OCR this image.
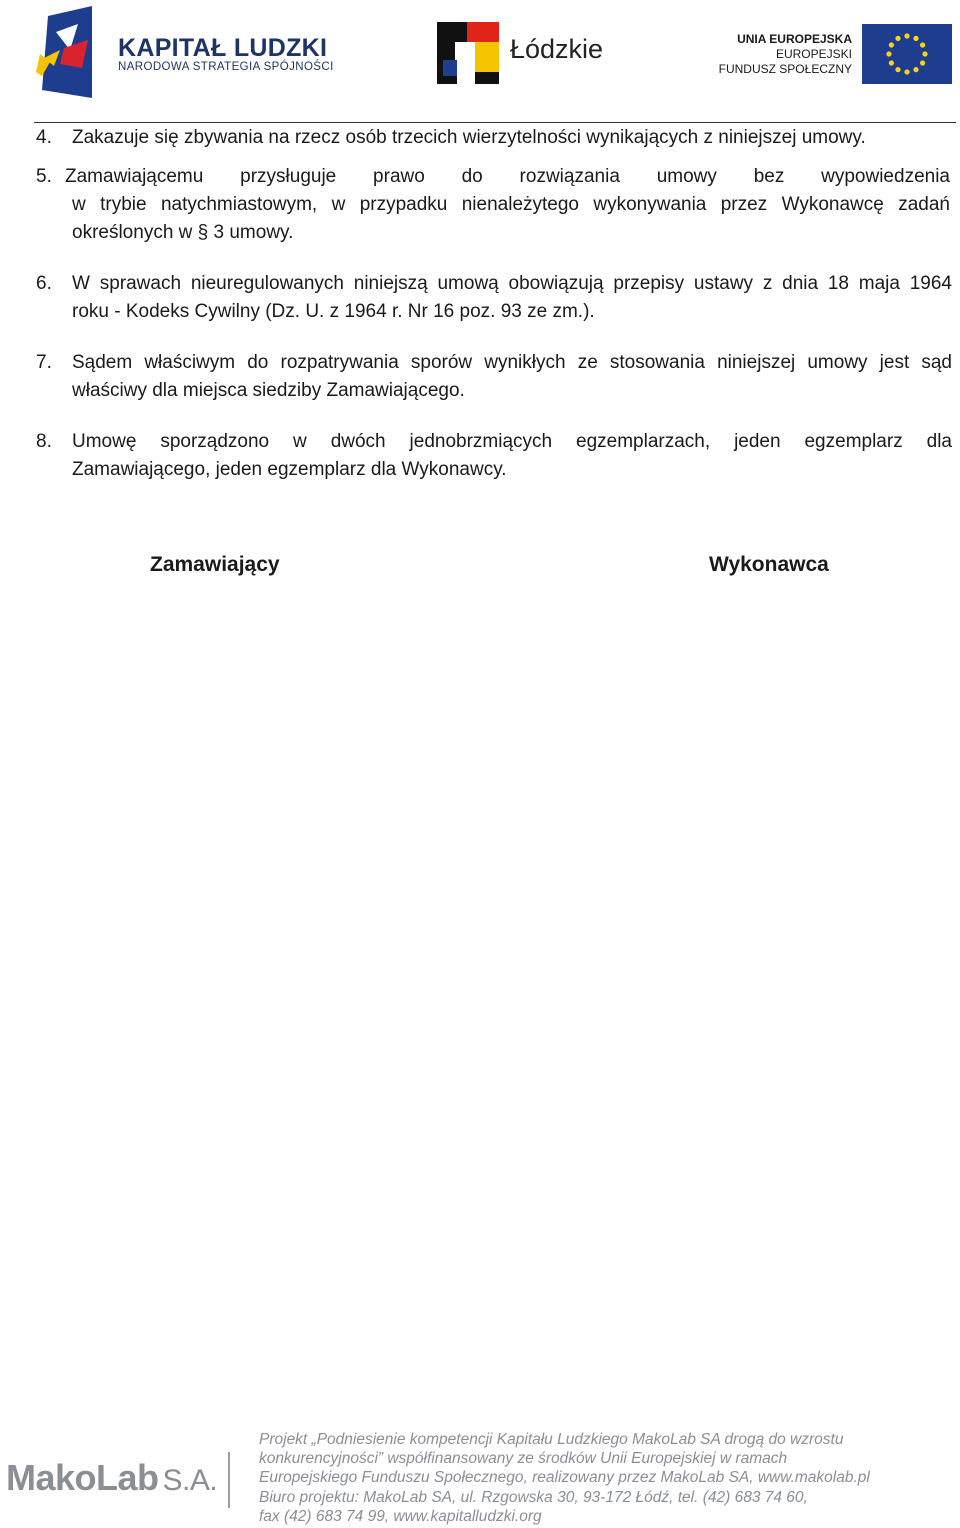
KAPITAŁ LUDZKI
NARODOWA STRATEGIA SPÓJNOŚCI
Łódzkie	UNIA EUROPEJSKA
EUROPEJSKI
FUNDUSZ SPOŁECZNY
4. Zakazuje się zbywania na rzecz osób trzecich wierzytelności wynikających z niniejszej umowy.
5. Zamawiającemu przysługuje prawo do rozwiązania umowy bez wypowiedzenia
w trybie natychmiastowym, w przypadku nienależytego wykonywania przez Wykonawcę zadań
określonych w § 3 umowy.
6. W sprawach nieuregulowanych niniejszą umową obowiązują przepisy ustawy z dnia 18 maja 1964
roku - Kodeks Cywilny (Dz. U. z 1964 r. Nr 16 poz. 93 ze zm.).
7. Sądem właściwym do rozpatrywania sporów wynikłych ze stosowania niniejszej umowy jest sąd
właściwy dla miejsca siedziby Zamawiającego.
8. Umowę sporządzono w dwóch jednobrzmiących egzemplarzach, jeden egzemplarz dla
Zamawiającego, jeden egzemplarz dla Wykonawcy.
Zamawiający	Wykonawca
MakoLab S.A.
Projekt „Podniesienie kompetencji Kapitału Ludzkiego MakoLab SA drogą do wzrostu
konkurencyjności” współfinansowany ze środków Unii Europejskiej w ramach
Europejskiego Funduszu Społecznego, realizowany przez MakoLab SA, www.makolab.pl
Biuro projektu: MakoLab SA, ul. Rzgowska 30, 93-172 Łódź, tel. (42) 683 74 60,
fax (42) 683 74 99, www.kapitalludzki.org
